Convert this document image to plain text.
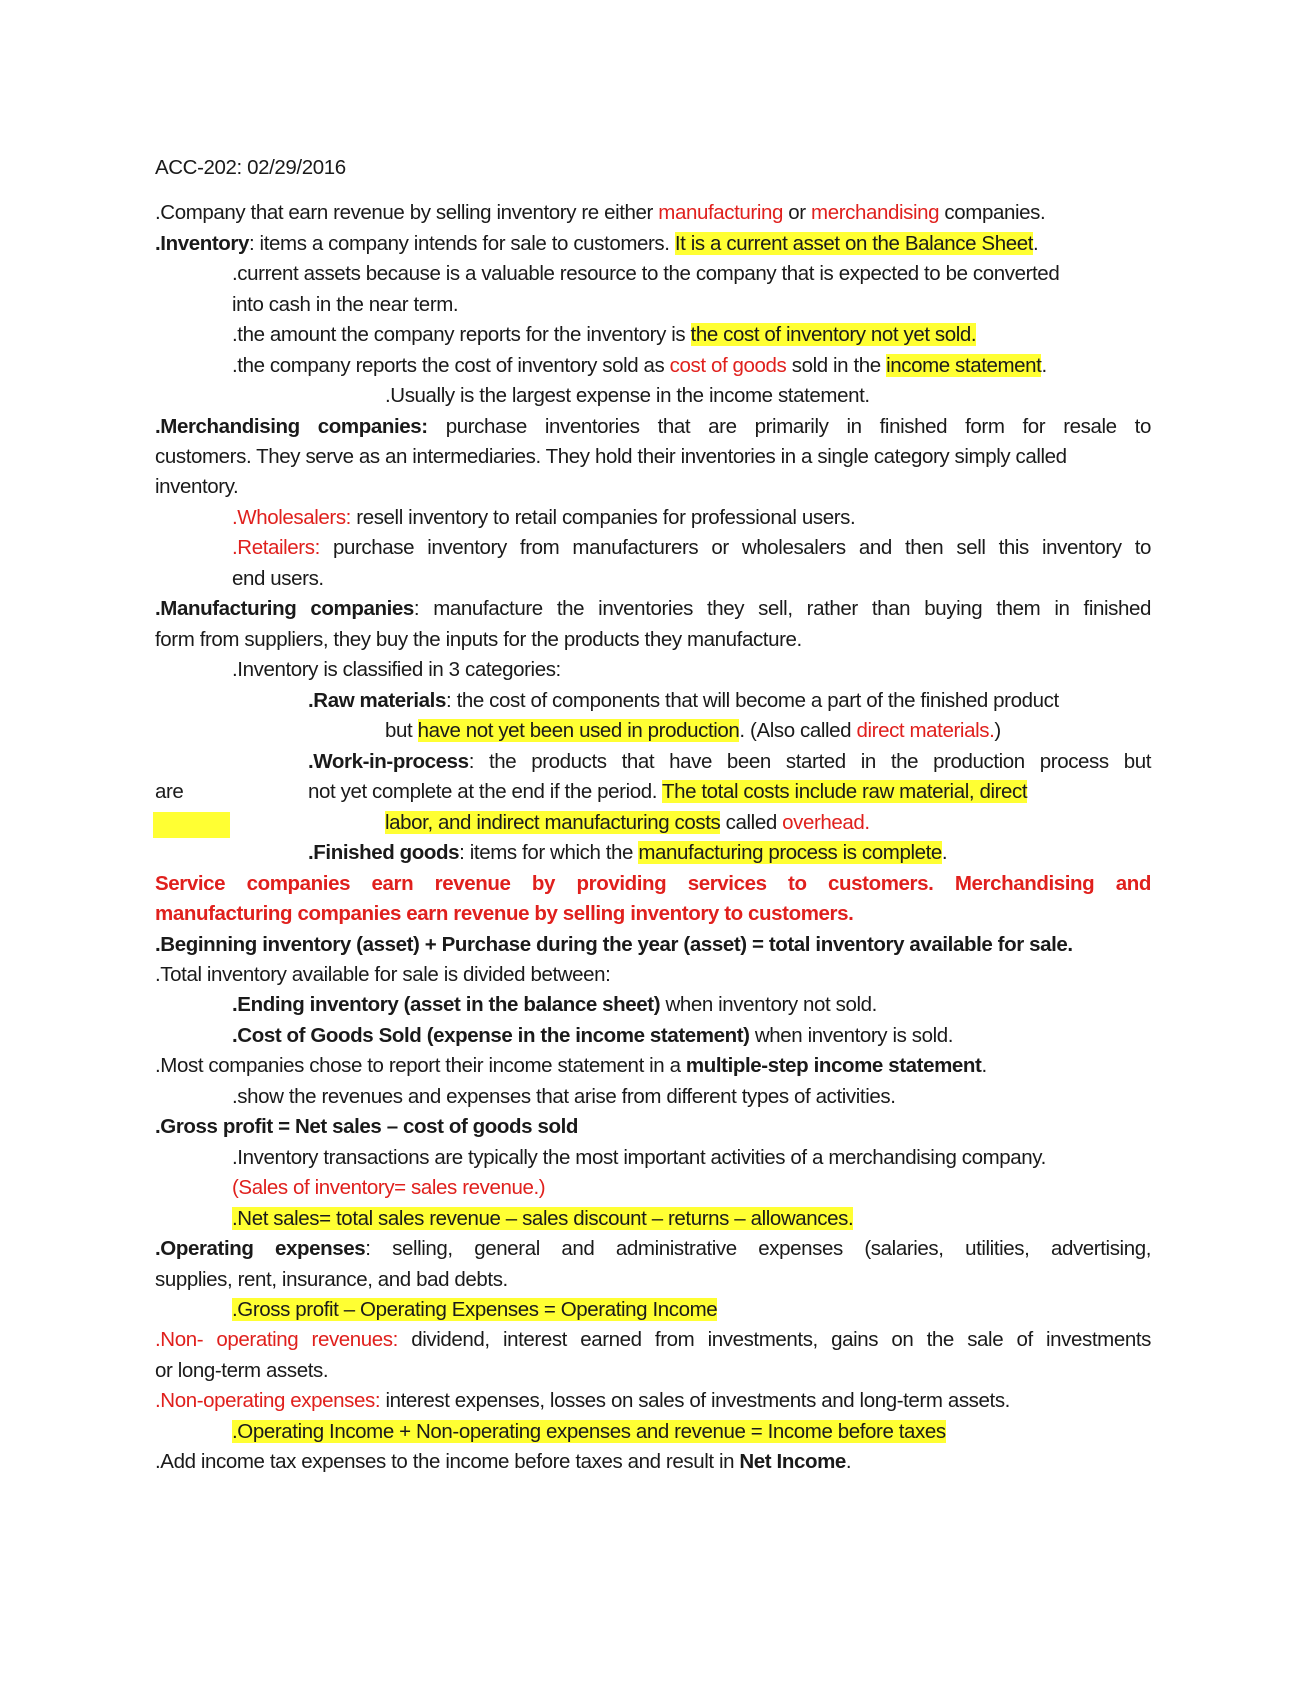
ACC-202: 02/29/2016
.Company that earn revenue by selling inventory re either manufacturing or merchandising companies.
.Inventory: items a company intends for sale to customers. It is a current asset on the Balance Sheet.
.current assets because is a valuable resource to the company that is expected to be converted
into cash in the near term.
.the amount the company reports for the inventory is the cost of inventory not yet sold.
.the company reports the cost of inventory sold as cost of goods sold in the income statement.
.Usually is the largest expense in the income statement.
.Merchandising companies: purchase inventories that are primarily in finished form for resale to
customers. They serve as an intermediaries. They hold their inventories in a single category simply called
inventory.
.Wholesalers: resell inventory to retail companies for professional users.
.Retailers: purchase inventory from manufacturers or wholesalers and then sell this inventory to
end users.
.Manufacturing companies: manufacture the inventories they sell, rather than buying them in finished
form from suppliers, they buy the inputs for the products they manufacture.
.Inventory is classified in 3 categories:
.Raw materials: the cost of components that will become a part of the finished product
but have not yet been used in production. (Also called direct materials.)
.Work-in-process: the products that have been started in the production process but
are	not yet complete at the end if the period. The total costs include raw material, direct
labor, and indirect manufacturing costs called overhead.
.Finished goods: items for which the manufacturing process is complete.
Service companies earn revenue by providing services to customers. Merchandising and
manufacturing companies earn revenue by selling inventory to customers.
.Beginning inventory (asset) + Purchase during the year (asset) = total inventory available for sale.
.Total inventory available for sale is divided between:
.Ending inventory (asset in the balance sheet) when inventory not sold.
.Cost of Goods Sold (expense in the income statement) when inventory is sold.
.Most companies chose to report their income statement in a multiple-step income statement.
.show the revenues and expenses that arise from different types of activities.
.Gross profit = Net sales – cost of goods sold
.Inventory transactions are typically the most important activities of a merchandising company.
(Sales of inventory= sales revenue.)
.Net sales= total sales revenue – sales discount – returns – allowances.
.Operating expenses: selling, general and administrative expenses (salaries, utilities, advertising,
supplies, rent, insurance, and bad debts.
.Gross profit – Operating Expenses = Operating Income
.Non- operating revenues: dividend, interest earned from investments, gains on the sale of investments
or long-term assets.
.Non-operating expenses: interest expenses, losses on sales of investments and long-term assets.
.Operating Income + Non-operating expenses and revenue = Income before taxes
.Add income tax expenses to the income before taxes and result in Net Income.
